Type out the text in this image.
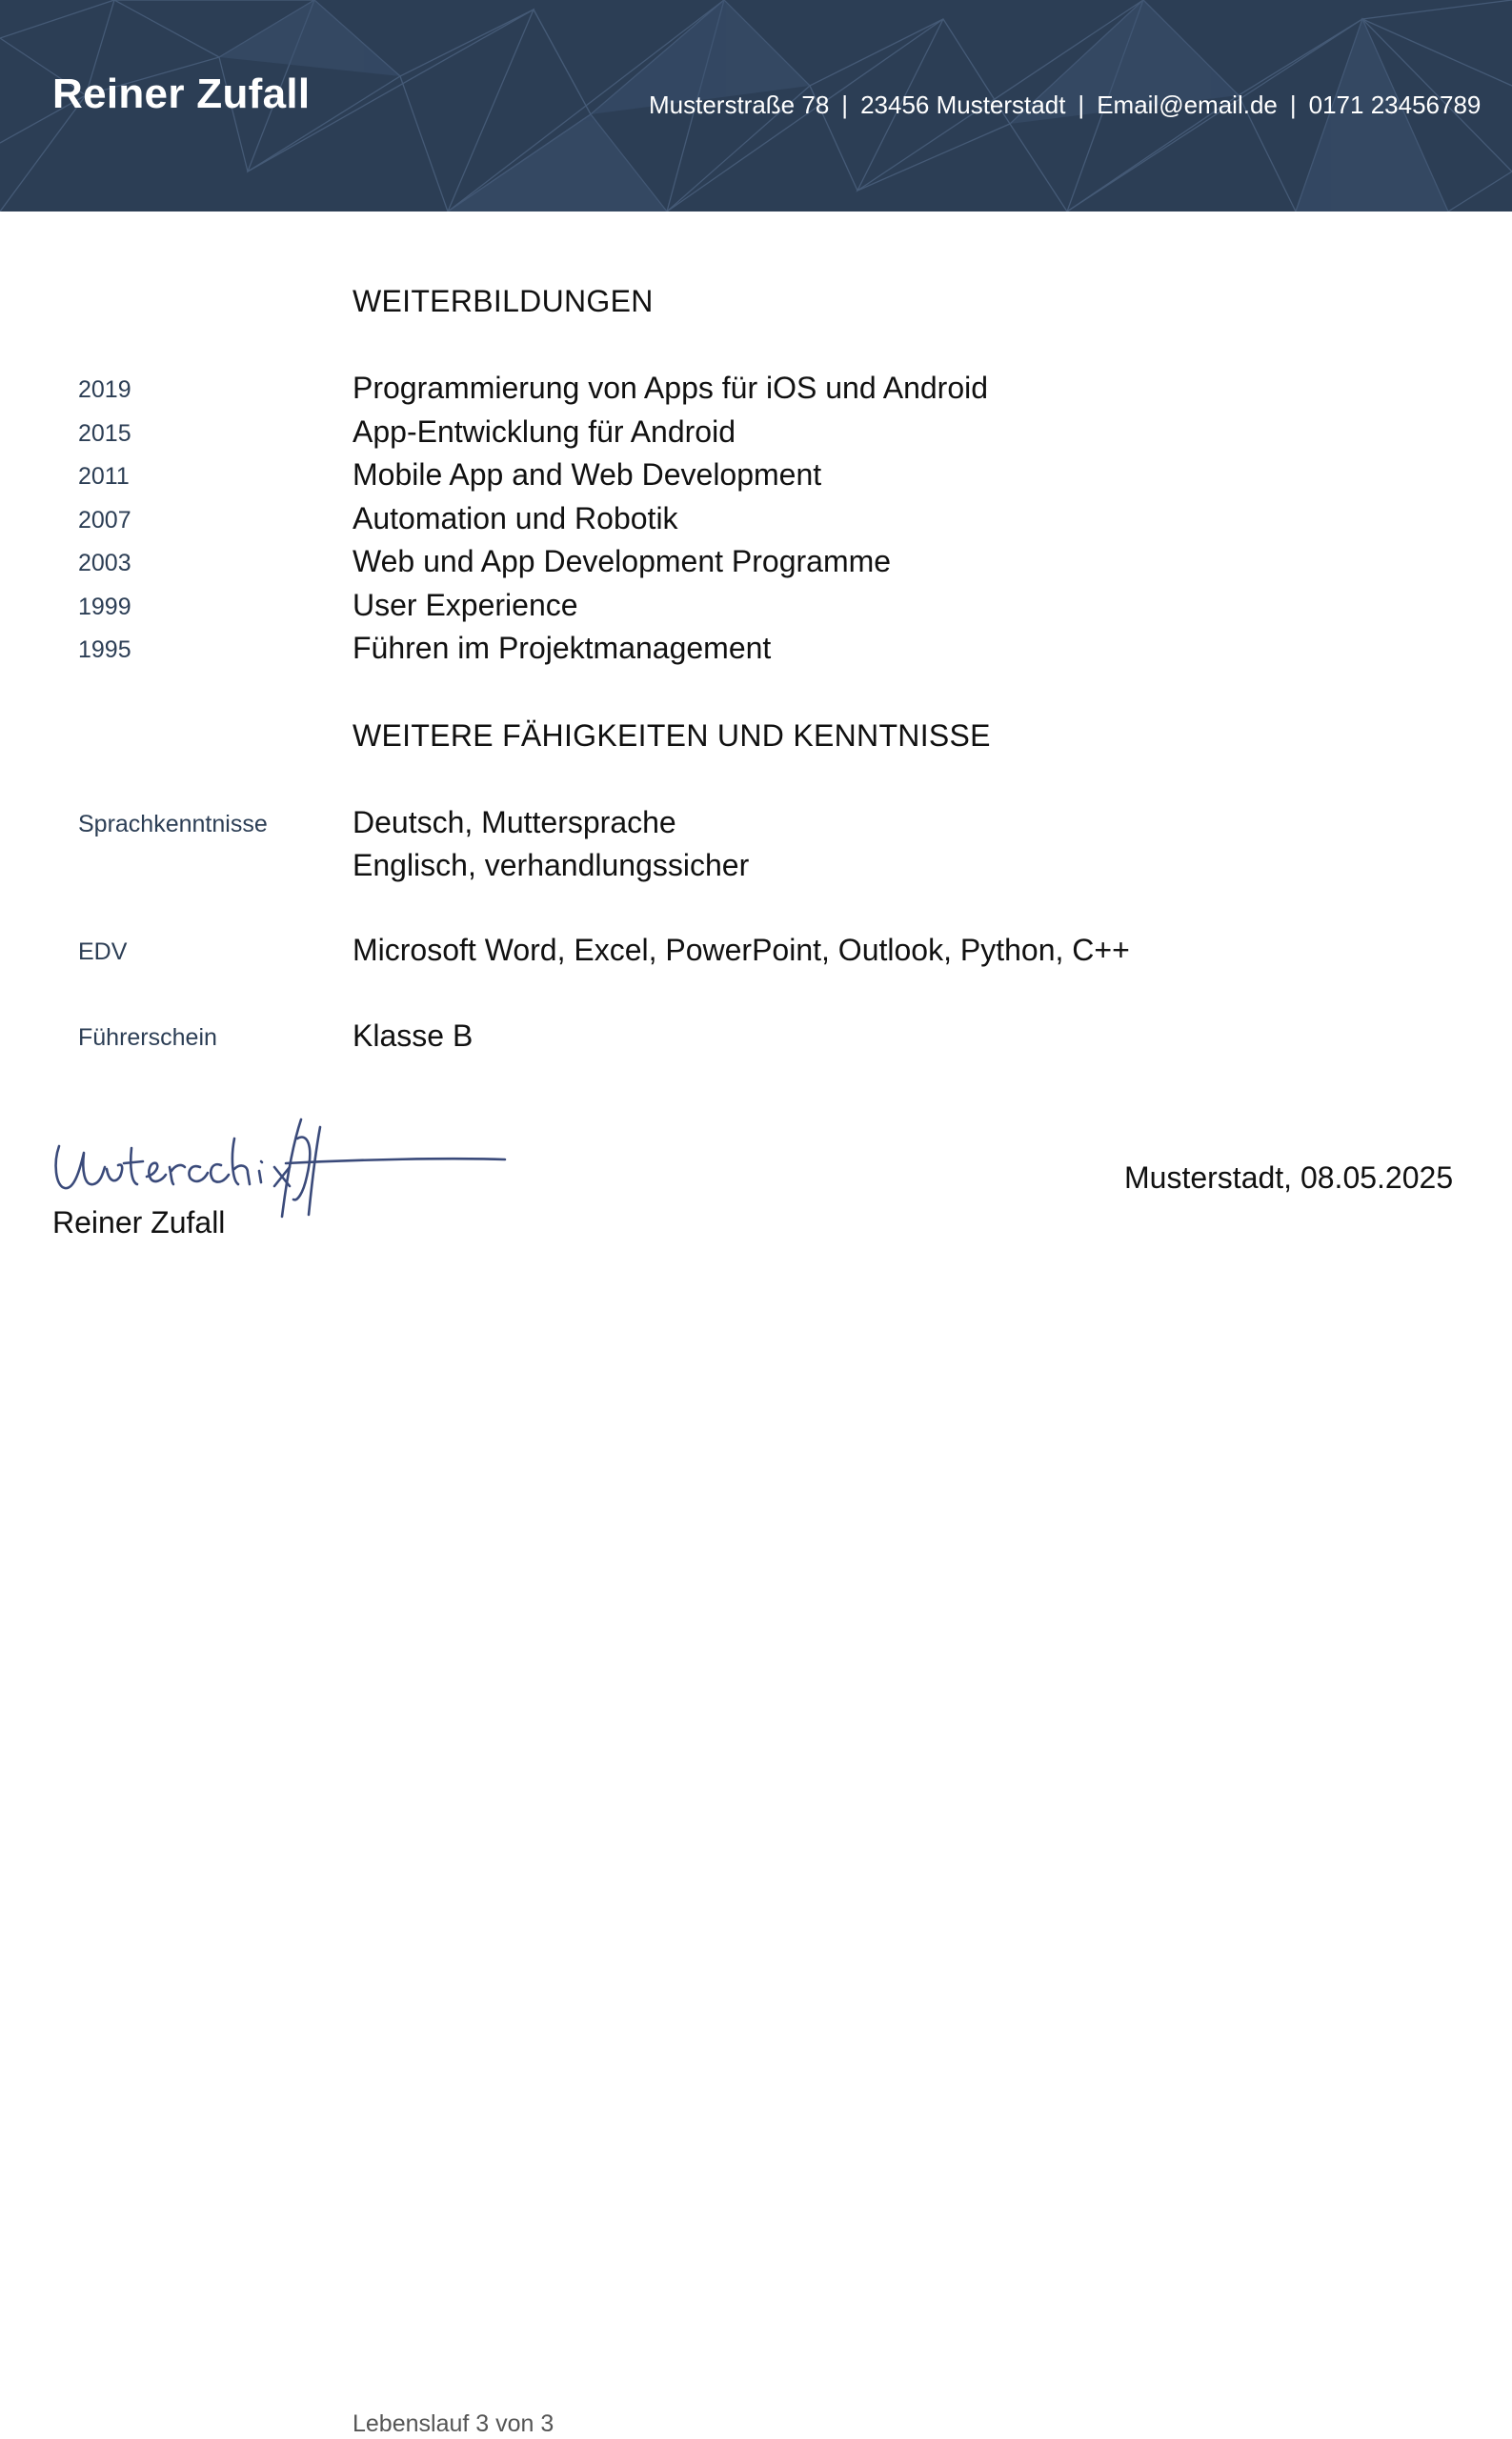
Reiner Zufall	Musterstraße 78 | 23456 Musterstadt | Email@email.de | 0171 23456789
WEITERBILDUNGEN
2019	Programmierung von Apps für iOS und Android
2015	App-Entwicklung für Android
2011	Mobile App and Web Development
2007	Automation und Robotik
2003	Web und App Development Programme
1999	User Experience
1995	Führen im Projektmanagement
WEITERE FÄHIGKEITEN UND KENNTNISSE
Sprachkenntnisse	Deutsch, Muttersprache
Englisch, verhandlungssicher
EDV	Microsoft Word, Excel, PowerPoint, Outlook, Python, C++
Führerschein	Klasse B
Reiner Zufall
Musterstadt, 08.05.2025
Lebenslauf 3 von 3
